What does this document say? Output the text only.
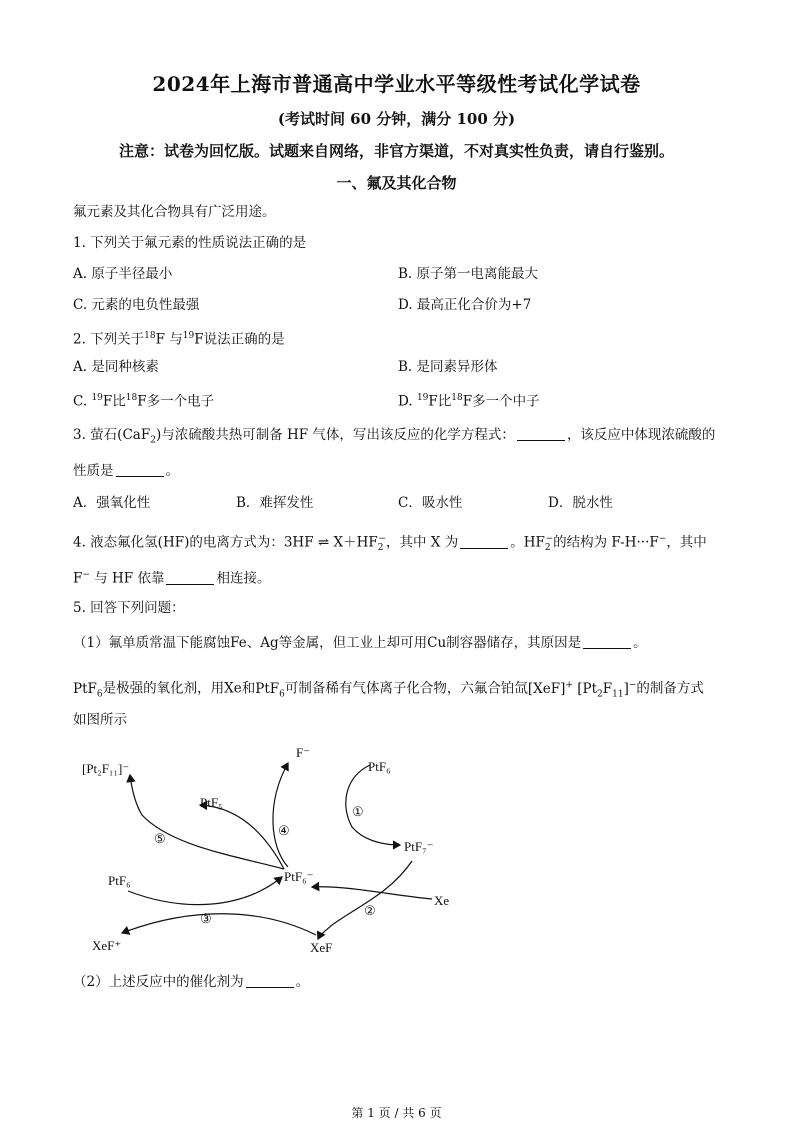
2024年上海市普通高中学业水平等级性考试化学试卷
(考试时间 60 分钟，满分 100 分)
注意：试卷为回忆版。试题来自网络，非官方渠道，不对真实性负责，请自行鉴别。
一、氟及其化合物
氟元素及其化合物具有广泛用途。
1. 下列关于氟元素的性质说法正确的是
A. 原子半径最小	B. 原子第一电离能最大
C. 元素的电负性最强	D. 最高正化合价为+7
2. 下列关于$^{18}$F 与$^{19}$F说法正确的是
A. 是同种核素	B. 是同素异形体
C. $^{19}$F比$^{18}$F多一个电子	D. $^{19}$F比$^{18}$F多一个中子
3. 萤石(CaF$_2$)与浓硫酸共热可制备 HF 气体，写出该反应的化学方程式：	，该反应中体现浓硫酸的
性质是	。
A．强氧化性	B．难挥发性	C．吸水性	D．脱水性
4. 液态氟化氢(HF)的电离方式为：3HF ⇌ $X+HF_2^-$，其中 X 为	。$HF_2^-$的结构为 F-H···F−，其中
F− 与 HF 依靠	相连接。
5. 回答下列问题：
（1）氟单质常温下能腐蚀Fe、Ag等金属，但工业上却可用Cu制容器储存，其原因是	。
PtF$_6$是极强的氧化剂，用Xe和PtF$_6$可制备稀有气体离子化合物，六氟合铂氙[XeF]+ $[Pt_2F_{11}]^-$的制备方式
如图所示
[Pt₂F₁₁]⁻
PtF₅
F⁻
PtF₆
PtF₇⁻
PtF₆⁻
PtF₆
Xe
XeF⁺	XeF
①
②
③
④
⑤
（2）上述反应中的催化剂为	。
第 1 页 / 共 6 页
